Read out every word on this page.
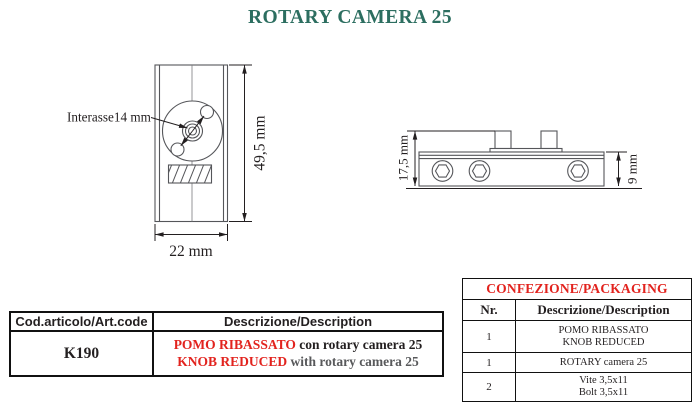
ROTARY CAMERA 25
Interasse14 mm	49,5 mm
22 mm
17,5 mm	9 mm
Cod.articolo/Art.code	Descrizione/Description
K190	POMO RIBASSATO con rotary camera 25
KNOB REDUCED with rotary camera 25
CONFEZIONE/PACKAGING	
Nr.	Descrizione/Description
1	POMO RIBASSATO
KNOB REDUCED

1	ROTARY camera 25

2	Vite 3,5x11
Bolt 3,5x11
